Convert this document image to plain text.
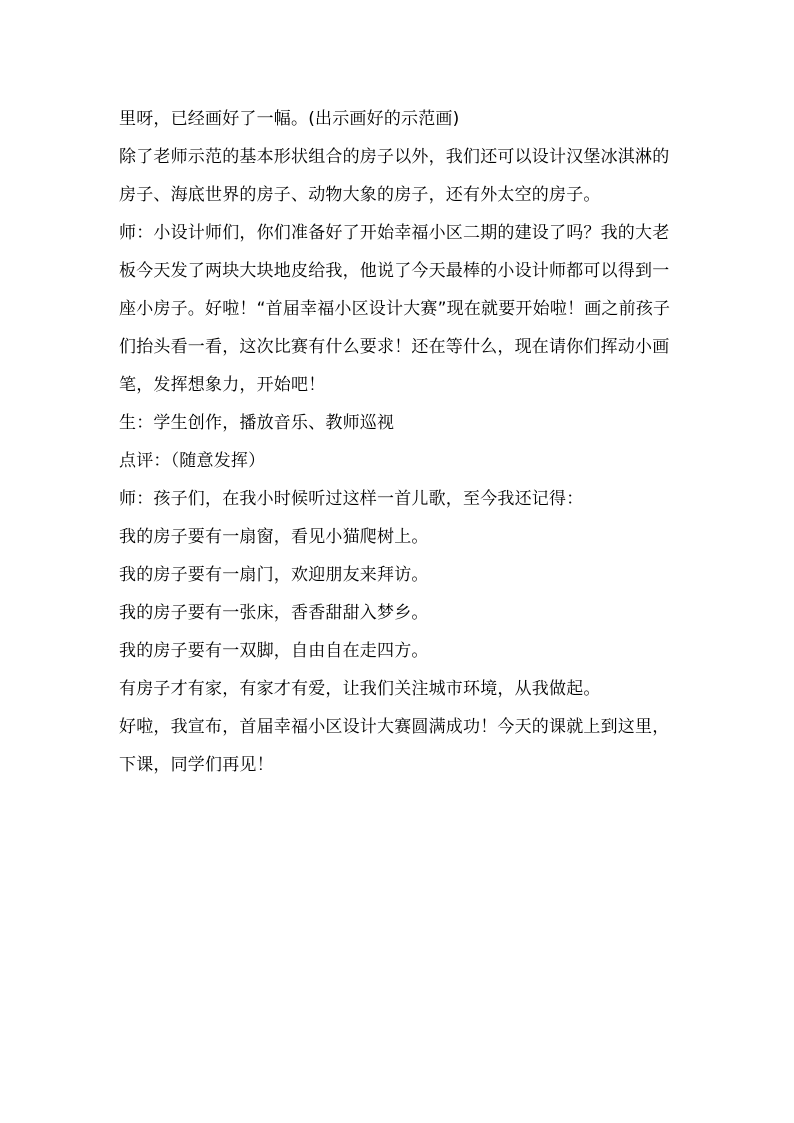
里呀，已经画好了一幅。(出示画好的示范画)

除了老师示范的基本形状组合的房子以外，我们还可以设计汉堡冰淇淋的房子、海底世界的房子、动物大象的房子，还有外太空的房子。

师：小设计师们，你们准备好了开始幸福小区二期的建设了吗？我的大老板今天发了两块大块地皮给我，他说了今天最棒的小设计师都可以得到一座小房子。好啦！“首届幸福小区设计大赛”现在就要开始啦！画之前孩子们抬头看一看，这次比赛有什么要求！还在等什么，现在请你们挥动小画笔，发挥想象力，开始吧！

生：学生创作，播放音乐、教师巡视

点评：（随意发挥）

师：孩子们，在我小时候听过这样一首儿歌，至今我还记得：

我的房子要有一扇窗，看见小猫爬树上。

我的房子要有一扇门，欢迎朋友来拜访。

我的房子要有一张床，香香甜甜入梦乡。

我的房子要有一双脚，自由自在走四方。

有房子才有家，有家才有爱，让我们关注城市环境，从我做起。

好啦，我宣布，首届幸福小区设计大赛圆满成功！今天的课就上到这里，下课，同学们再见！
